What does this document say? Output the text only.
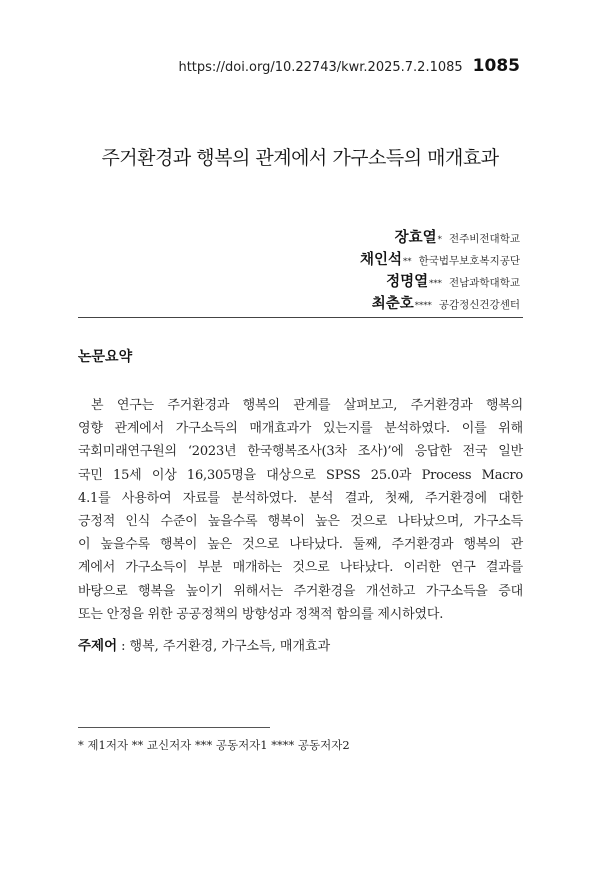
https://doi.org/10.22743/kwr.2025.7.2.1085 1085
주거환경과 행복의 관계에서 가구소득의 매개효과
장효열* 전주비전대학교
채인석** 한국법무보호복지공단
정명열*** 전남과학대학교
최춘호**** 공감정신건강센터
논문요약
본 연구는 주거환경과 행복의 관계를 살펴보고, 주거환경과 행복의
영향 관계에서 가구소득의 매개효과가 있는지를 분석하였다. 이를 위해
국회미래연구원의 ‘2023년 한국행복조사(3차 조사)’에 응답한 전국 일반
국민 15세 이상 16,305명을 대상으로 SPSS 25.0과 Process Macro
4.1를 사용하여 자료를 분석하였다. 분석 결과, 첫째, 주거환경에 대한
긍정적 인식 수준이 높을수록 행복이 높은 것으로 나타났으며, 가구소득
이 높을수록 행복이 높은 것으로 나타났다. 둘째, 주거환경과 행복의 관
계에서 가구소득이 부분 매개하는 것으로 나타났다. 이러한 연구 결과를
바탕으로 행복을 높이기 위해서는 주거환경을 개선하고 가구소득을 증대
또는 안정을 위한 공공정책의 방향성과 정책적 함의를 제시하였다.
주제어 : 행복, 주거환경, 가구소득, 매개효과
* 제1저자 ** 교신저자 *** 공동저자1 **** 공동저자2
